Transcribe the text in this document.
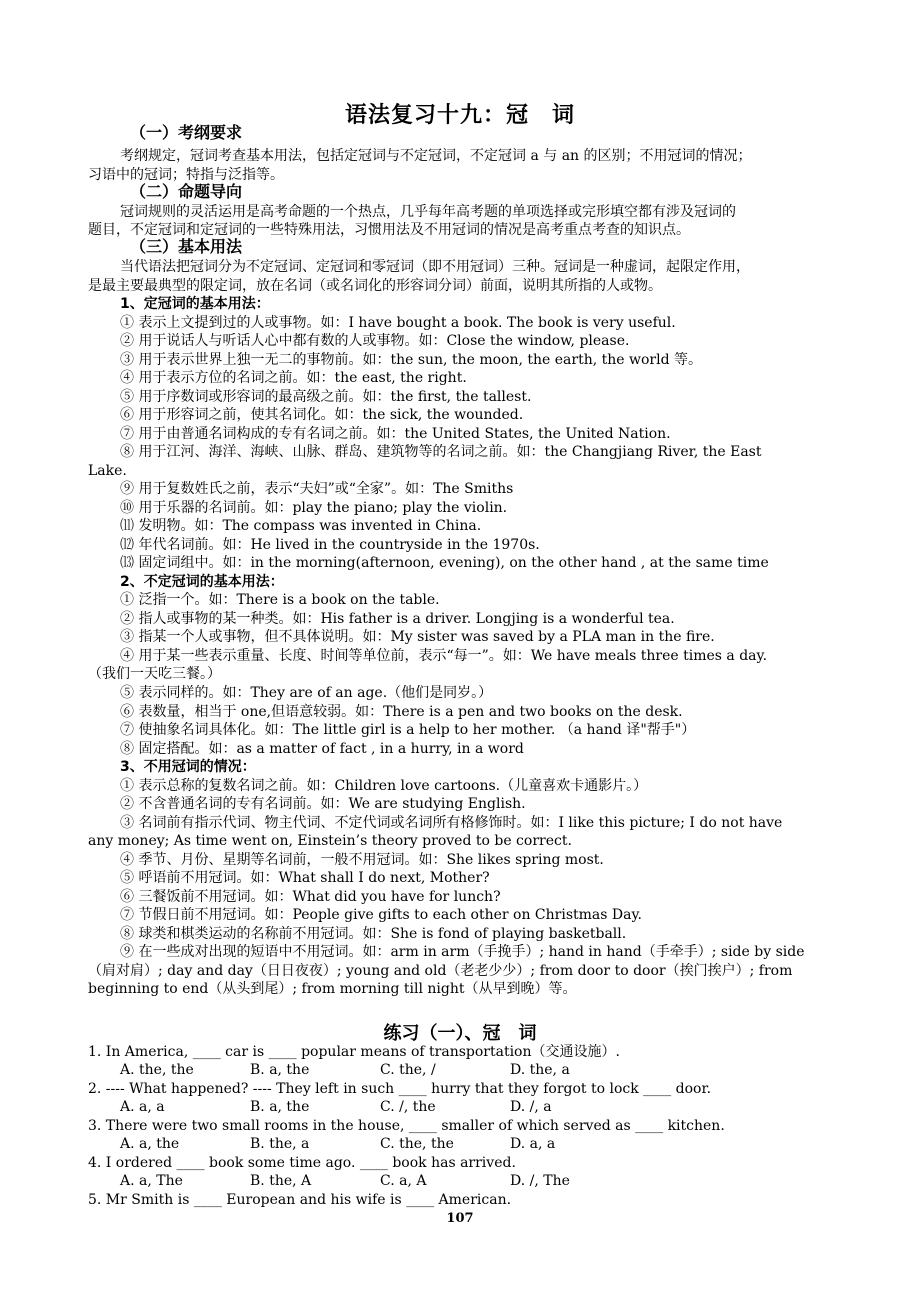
语法复习十九：冠　词
（一）考纲要求
考纲规定，冠词考查基本用法，包括定冠词与不定冠词，不定冠词 a 与 an 的区别；不用冠词的情况；
习语中的冠词；特指与泛指等。
（二）命题导向
冠词规则的灵活运用是高考命题的一个热点，几乎每年高考题的单项选择或完形填空都有涉及冠词的
题目，不定冠词和定冠词的一些特殊用法，习惯用法及不用冠词的情况是高考重点考查的知识点。
（三）基本用法
当代语法把冠词分为不定冠词、定冠词和零冠词（即不用冠词）三种。冠词是一种虚词，起限定作用，
是最主要最典型的限定词，放在名词（或名词化的形容词分词）前面，说明其所指的人或物。
1、定冠词的基本用法：
① 表示上文提到过的人或事物。如：I have bought a book. The book is very useful.
② 用于说话人与听话人心中都有数的人或事物。如：Close the window, please.
③ 用于表示世界上独一无二的事物前。如：the sun, the moon, the earth, the world 等。
④ 用于表示方位的名词之前。如：the east, the right.
⑤ 用于序数词或形容词的最高级之前。如：the first, the tallest.
⑥ 用于形容词之前，使其名词化。如：the sick, the wounded.
⑦ 用于由普通名词构成的专有名词之前。如：the United States, the United Nation.
⑧ 用于江河、海洋、海峡、山脉、群岛、建筑物等的名词之前。如：the Changjiang River, the East
Lake.
⑨ 用于复数姓氏之前，表示“夫妇”或“全家”。如：The Smiths
⑩ 用于乐器的名词前。如：play the piano; play the violin.
⑾ 发明物。如：The compass was invented in China.
⑿ 年代名词前。如：He lived in the countryside in the 1970s.
⒀ 固定词组中。如：in the morning(afternoon, evening), on the other hand , at the same time
2、不定冠词的基本用法：
① 泛指一个。如：There is a book on the table.
② 指人或事物的某一种类。如：His father is a driver. Longjing is a wonderful tea.
③ 指某一个人或事物，但不具体说明。如：My sister was saved by a PLA man in the fire.
④ 用于某一些表示重量、长度、时间等单位前，表示“每一”。如：We have meals three times a day.
（我们一天吃三餐。）
⑤ 表示同样的。如：They are of an age.（他们是同岁。）
⑥ 表数量，相当于 one,但语意较弱。如：There is a pen and two books on the desk.
⑦ 使抽象名词具体化。如：The little girl is a help to her mother. （a hand 译"帮手"）
⑧ 固定搭配。如：as a matter of fact , in a hurry, in a word
3、不用冠词的情况：
① 表示总称的复数名词之前。如：Children love cartoons.（儿童喜欢卡通影片。）
② 不含普通名词的专有名词前。如：We are studying English.
③ 名词前有指示代词、物主代词、不定代词或名词所有格修饰时。如：I like this picture; I do not have
any money; As time went on, Einstein’s theory proved to be correct.
④ 季节、月份、星期等名词前，一般不用冠词。如：She likes spring most.
⑤ 呼语前不用冠词。如：What shall I do next, Mother?
⑥ 三餐饭前不用冠词。如：What did you have for lunch?
⑦ 节假日前不用冠词。如：People give gifts to each other on Christmas Day.
⑧ 球类和棋类运动的名称前不用冠词。如：She is fond of playing basketball.
⑨ 在一些成对出现的短语中不用冠词。如：arm in arm（手挽手）; hand in hand（手牵手）; side by side
（肩对肩）; day and day（日日夜夜）; young and old（老老少少）; from door to door（挨门挨户）; from
beginning to end（从头到尾）; from morning till night（从早到晚）等。
练习（一）、冠　词
1. In America, ____ car is ____ popular means of transportation（交通设施）.
A. the, the	B. a, the	C. the, /	D. the, a
2. ---- What happened? ---- They left in such ____ hurry that they forgot to lock ____ door.
A. a, a	B. a, the	C. /, the	D. /, a
3. There were two small rooms in the house, ____ smaller of which served as ____ kitchen.
A. a, the	B. the, a	C. the, the	D. a, a
4. I ordered ____ book some time ago. ____ book has arrived.
A. a, The	B. the, A	C. a, A	D. /, The
5. Mr Smith is ____ European and his wife is ____ American.
107
